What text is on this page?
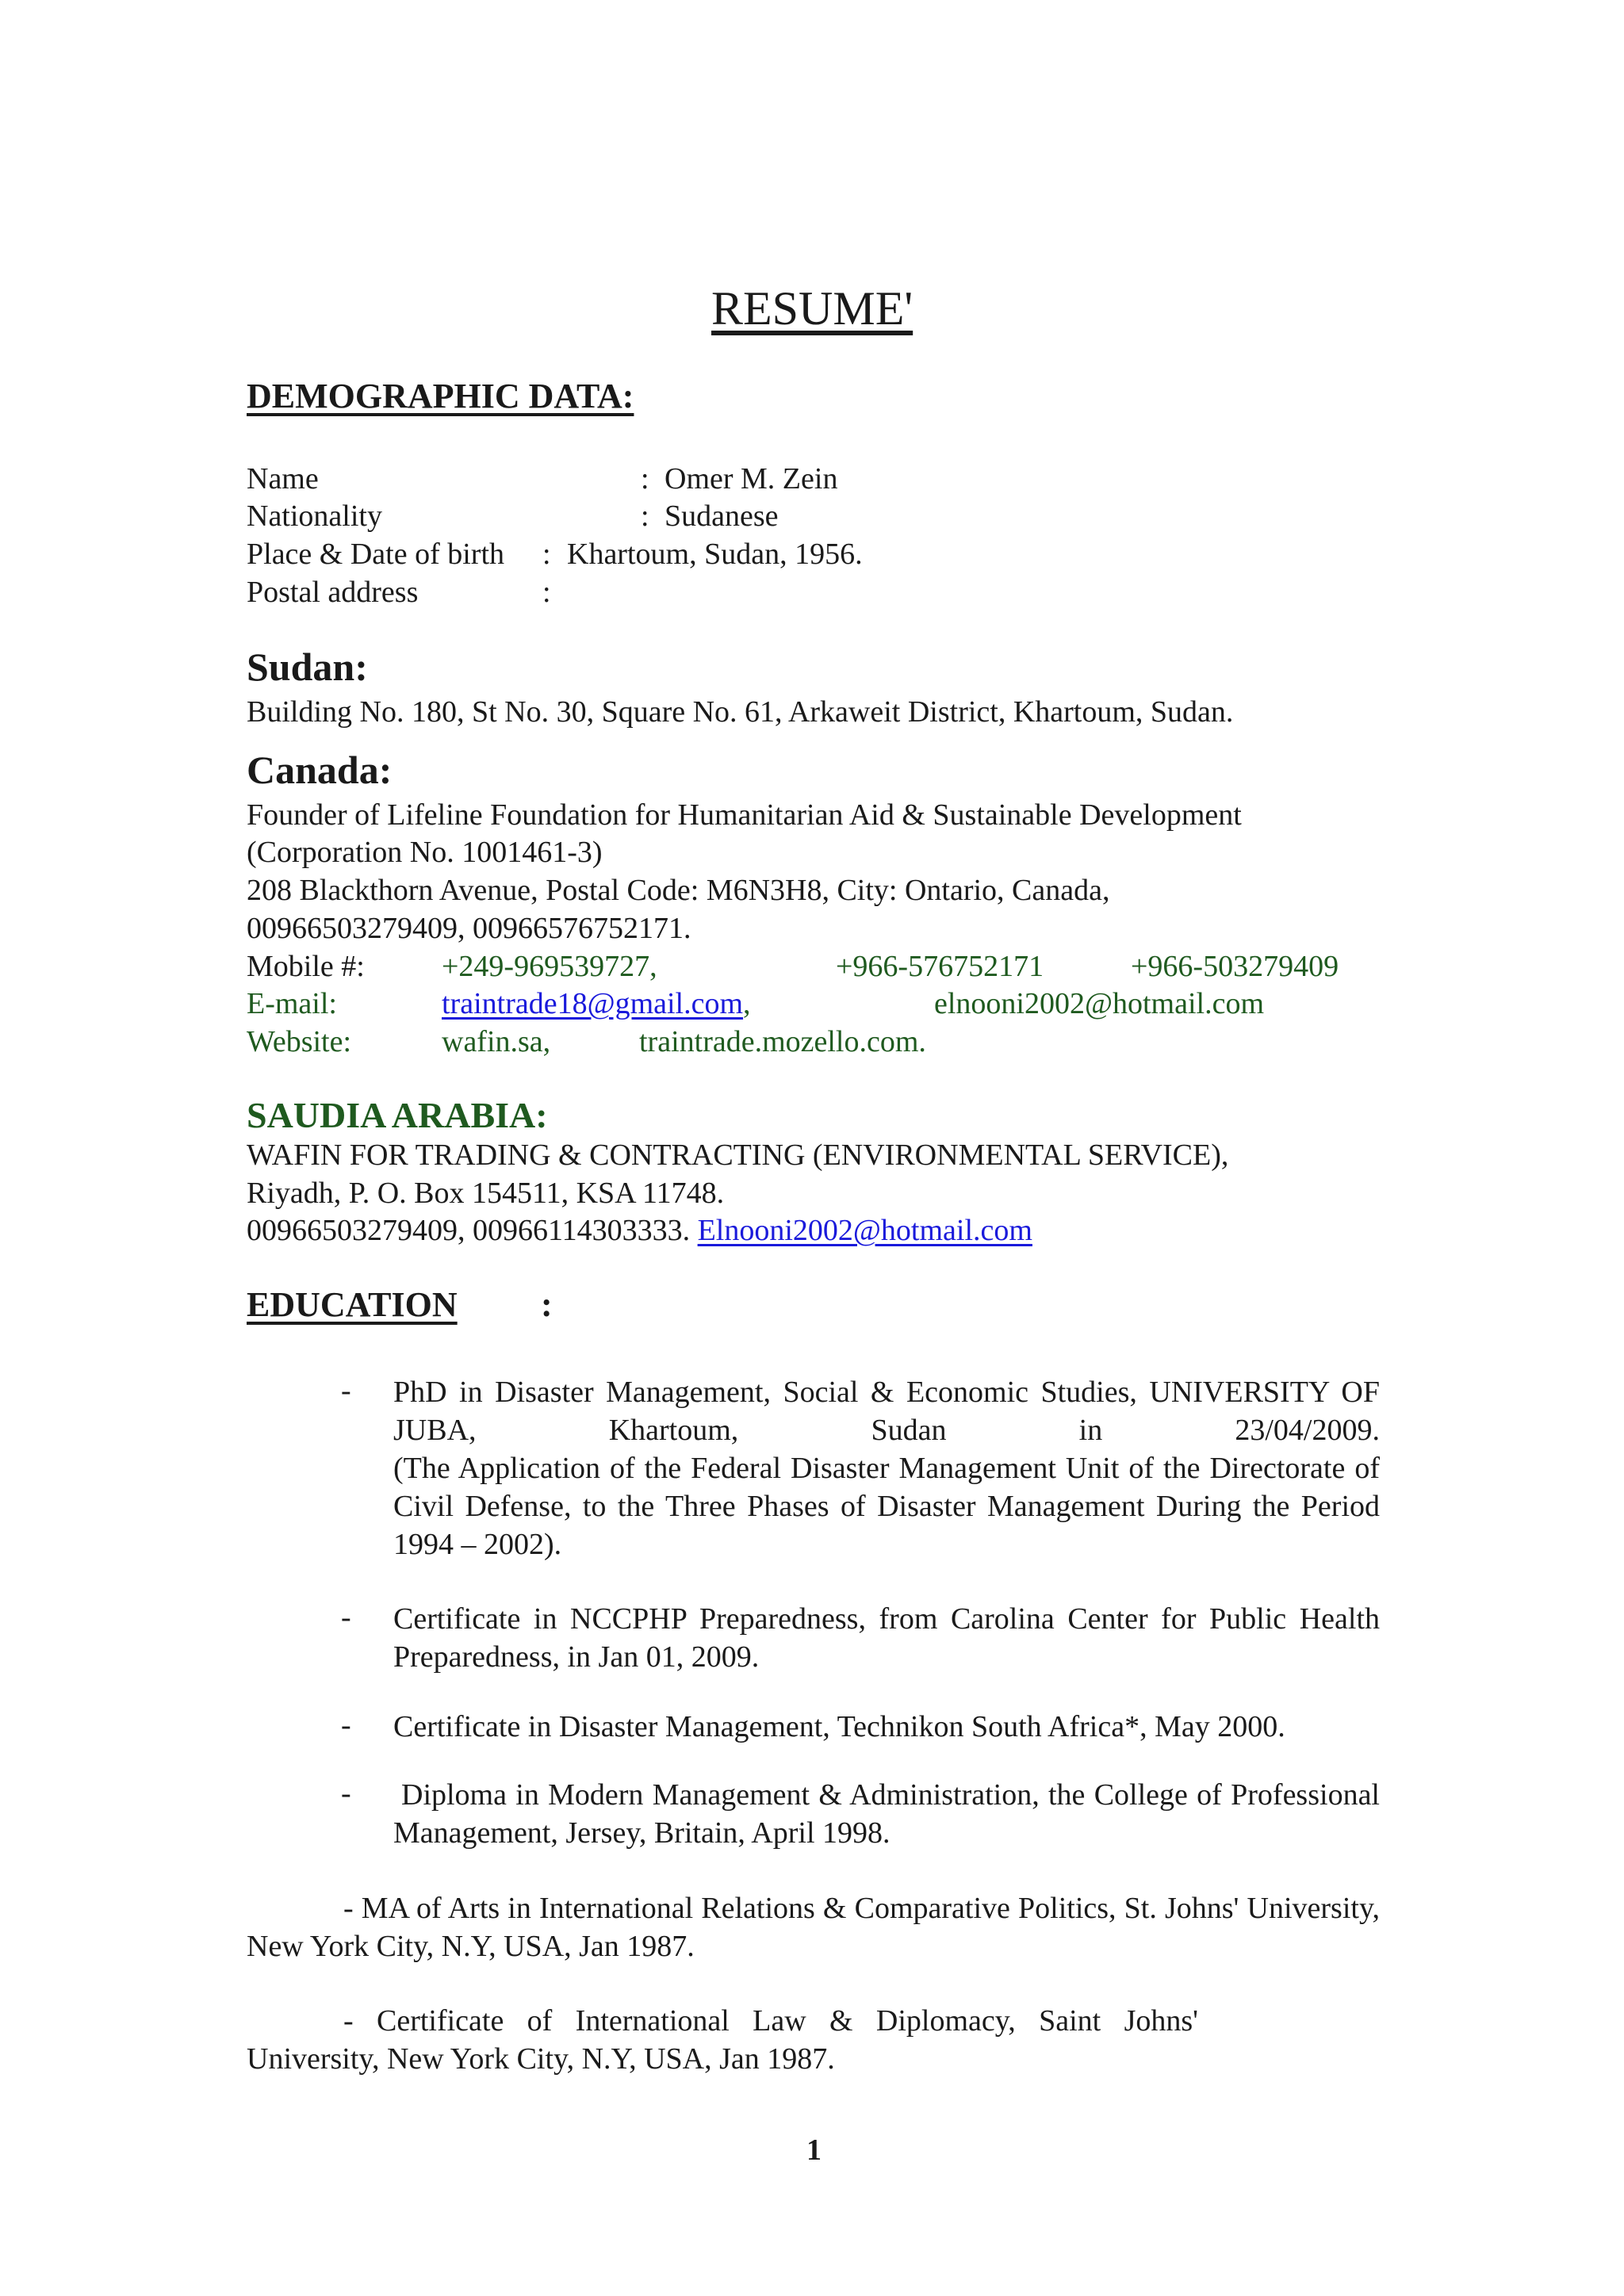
RESUME'
DEMOGRAPHIC DATA:
Name	: Omer M. Zein
Nationality	: Sudanese
Place & Date of birth : Khartoum, Sudan, 1956.
Postal address	:
Sudan:
Building No. 180, St No. 30, Square No. 61, Arkaweit District, Khartoum, Sudan.
Canada:
Founder of Lifeline Foundation for Humanitarian Aid & Sustainable Development
(Corporation No. 1001461-3)
208 Blackthorn Avenue, Postal Code: M6N3H8, City: Ontario, Canada,
00966503279409, 00966576752171.
Mobile #:	+249-969539727,	+966-576752171	+966-503279409
E-mail:	traintrade18@gmail.com,	elnooni2002@hotmail.com
Website:	wafin.sa,	traintrade.mozello.com.
SAUDIA ARABIA:
WAFIN FOR TRADING & CONTRACTING (ENVIRONMENTAL SERVICE),
Riyadh, P. O. Box 154511, KSA 11748.
00966503279409, 00966114303333. Elnooni2002@hotmail.com
EDUCATION :
- PhD in Disaster Management, Social & Economic Studies, UNIVERSITY OF JUBA, Khartoum, Sudan in 23/04/2009.
(The Application of the Federal Disaster Management Unit of the Directorate of Civil Defense, to the Three Phases of Disaster Management During the Period 1994 – 2002).
- Certificate in NCCPHP Preparedness, from Carolina Center for Public Health Preparedness, in Jan 01, 2009.
- Certificate in Disaster Management, Technikon South Africa*, May 2000.
- Diploma in Modern Management & Administration, the College of Professional Management, Jersey, Britain, April 1998.
- MA of Arts in International Relations & Comparative Politics, St. Johns' University, New York City, N.Y, USA, Jan 1987.
- Certificate of International Law & Diplomacy, Saint Johns' University, New York City, N.Y, USA, Jan 1987.
1
